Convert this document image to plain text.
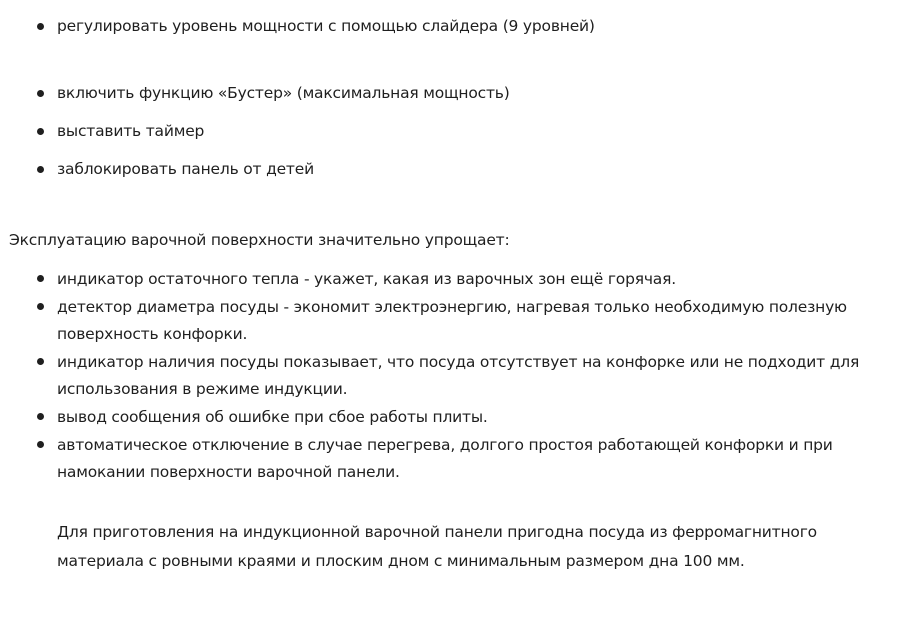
регулировать уровень мощности с помощью слайдера (9 уровней)
включить функцию «Бустер» (максимальная мощность)
выставить таймер
заблокировать панель от детей

Эксплуатацию варочной поверхности значительно упрощает:

индикатор остаточного тепла - укажет, какая из варочных зон ещё горячая.
детектор диаметра посуды - экономит электроэнергию, нагревая только необходимую полезную поверхность конфорки.
индикатор наличия посуды показывает, что посуда отсутствует на конфорке или не подходит для использования в режиме индукции.
вывод сообщения об ошибке при сбое работы плиты.
автоматическое отключение в случае перегрева, долгого простоя работающей конфорки и при намокании поверхности варочной панели.

Для приготовления на индукционной варочной панели пригодна посуда из ферромагнитного материала с ровными краями и плоским дном с минимальным размером дна 100 мм.
